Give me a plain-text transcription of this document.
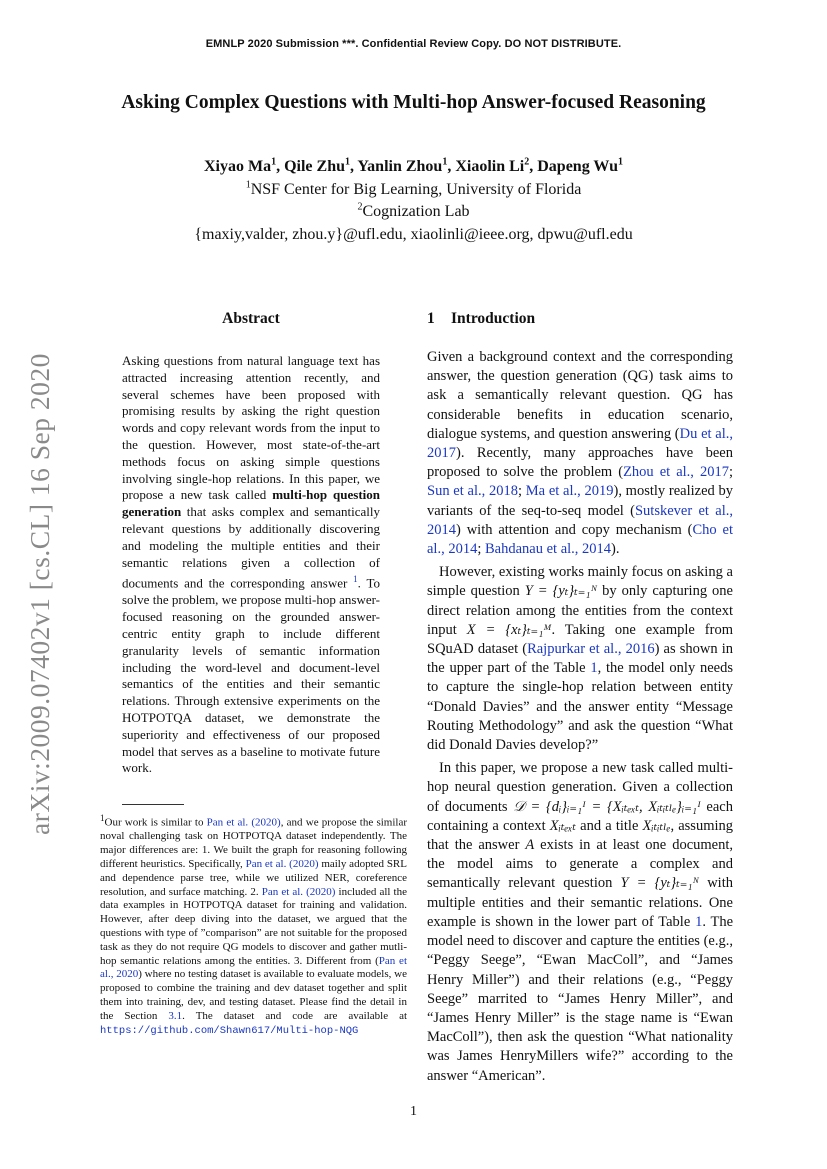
EMNLP 2020 Submission ***. Confidential Review Copy. DO NOT DISTRIBUTE.
Asking Complex Questions with Multi-hop Answer-focused Reasoning
Xiyao Ma$^1$, Qile Zhu$^1$, Yanlin Zhou$^1$, Xiaolin Li$^2$, Dapeng Wu$^1$
$^1$NSF Center for Big Learning, University of Florida
$^2$Cognization Lab
{maxiy,valder, zhou.y}@ufl.edu, xiaolinli@ieee.org, dpwu@ufl.edu
arXiv:2009.07402v1 [cs.CL] 16 Sep 2020
Abstract

Asking questions from natural language text has attracted increasing attention recently, and several schemes have been proposed with promising results by asking the right question words and copy relevant words from the input to the question. However, most state-of-the-art methods focus on asking simple questions involving single-hop relations. In this paper, we propose a new task called multi-hop question generation that asks complex and semantically relevant questions by additionally discovering and modeling the multiple entities and their semantic relations given a collection of documents and the corresponding answer $^1$. To solve the problem, we propose multi-hop answer-focused reasoning on the grounded answer-centric entity graph to include different granularity levels of semantic information including the word-level and document-level semantics of the entities and their semantic relations. Through extensive experiments on the HOTPOTQA dataset, we demonstrate the superiority and effectiveness of our proposed model that serves as a baseline to motivate future work.

1 Introduction

Given a background context and the corresponding answer, the question generation (QG) task aims to ask a semantically relevant question. QG has considerable benefits in education scenario, dialogue systems, and question answering (Du et al., 2017). Recently, many approaches have been proposed to solve the problem (Zhou et al., 2017; Sun et al., 2018; Ma et al., 2019), mostly realized by variants of the seq-to-seq model (Sutskever et al., 2014) with attention and copy mechanism (Cho et al., 2014; Bahdanau et al., 2014).

However, existing works mainly focus on asking a simple question Y = {yₜ}ₜ₌₁ᴺ by only capturing one direct relation among the entities from the context input X = {xₜ}ₜ₌₁ᴹ. Taking one example from SQuAD dataset (Rajpurkar et al., 2016) as shown in the upper part of the Table 1, the model only needs to capture the single-hop relation between entity “Donald Davies” and the answer entity “Message Routing Methodology” and ask the question “What did Donald Davies develop?”

In this paper, we propose a new task called multi-hop neural question generation. Given a collection of documents 𝒟 = {dᵢ}ᵢ₌₁ᴵ = {Xᵢₜₑₓₜ, Xᵢₜᵢₜₗₑ}ᵢ₌₁ᴵ each containing a context Xᵢₜₑₓₜ and a title Xᵢₜᵢₜₗₑ, assuming that the answer A exists in at least one document, the model aims to generate a complex and semantically relevant question Y = {yₜ}ₜ₌₁ᴺ with multiple entities and their semantic relations. One example is shown in the lower part of Table 1. The model need to discover and capture the entities (e.g., “Peggy Seege”, “Ewan MacColl”, and “James Henry Miller”) and their relations (e.g., “Peggy Seege” marrited to “James Henry Miller”, and “James Henry Miller” is the stage name is “Ewan MacColl”), then ask the question “What nationality was James HenryMillers wife?” according to the answer “American”.

$^1$Our work is similar to Pan et al. (2020), and we propose the similar noval challenging task on HOTPOTQA dataset independently. The major differences are: 1. We built the graph for reasoning following different heuristics. Specifically, Pan et al. (2020) maily adopted SRL and dependence parse tree, while we utilized NER, coreference resolution, and surface matching. 2. Pan et al. (2020) included all the data examples in HOTPOTQA dataset for training and validation. However, after deep diving into the dataset, we argued that the questions with type of ”comparison” are not suitable for the proposed task as they do not require QG models to discover and gather mutli-hop semantic relations among the entities. 3. Different from (Pan et al., 2020) where no testing dataset is available to evaluate models, we proposed to combine the training and dev dataset together and split them into training, dev, and testing dataset. Please find the detail in the Section 3.1. The dataset and code are available at https://github.com/Shawn617/Multi-hop-NQG
1
